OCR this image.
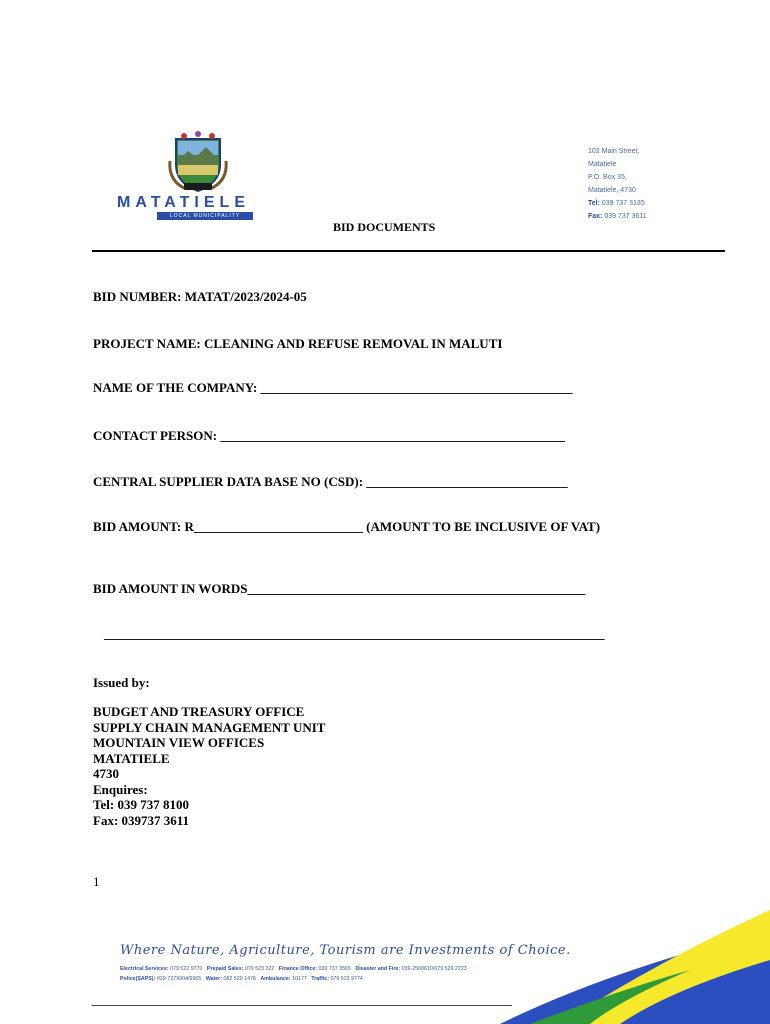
MATATIELE
LOCAL MUNICIPALITY
102 Main Street,
Matatiele
P.O. Box 35,
Matatiele, 4730
Tel: 039 737 3135
Fax: 039 737 3611
BID DOCUMENTS
BID NUMBER: MATAT/2023/2024-05
PROJECT NAME: CLEANING AND REFUSE REMOVAL IN MALUTI
NAME OF THE COMPANY: ________________________________________________
CONTACT PERSON: _____________________________________________________
CENTRAL SUPPLIER DATA BASE NO (CSD): _______________________________
BID AMOUNT: R__________________________ (AMOUNT TO BE INCLUSIVE OF VAT)
BID AMOUNT IN WORDS____________________________________________________
_____________________________________________________________________________
Issued by:
BUDGET AND TREASURY OFFICE
SUPPLY CHAIN MANAGEMENT UNIT
MOUNTAIN VIEW OFFICES
MATATIELE
4730
Enquires:
Tel: 039 737 8100
Fax: 039737 3611
1
Where Nature, Agriculture, Tourism are Investments of Choice.
Electrical Services: 079 522 9770 Prepaid Sales: 079 523 322 Finance Office: 039 737 3565 Disaster and Fire: 039-2560610/079 529 2223
Police(SAPS): 039-7379904/9905 Water: 082 520 1476 Ambulance: 10177 Traffic: 079 522 9774
